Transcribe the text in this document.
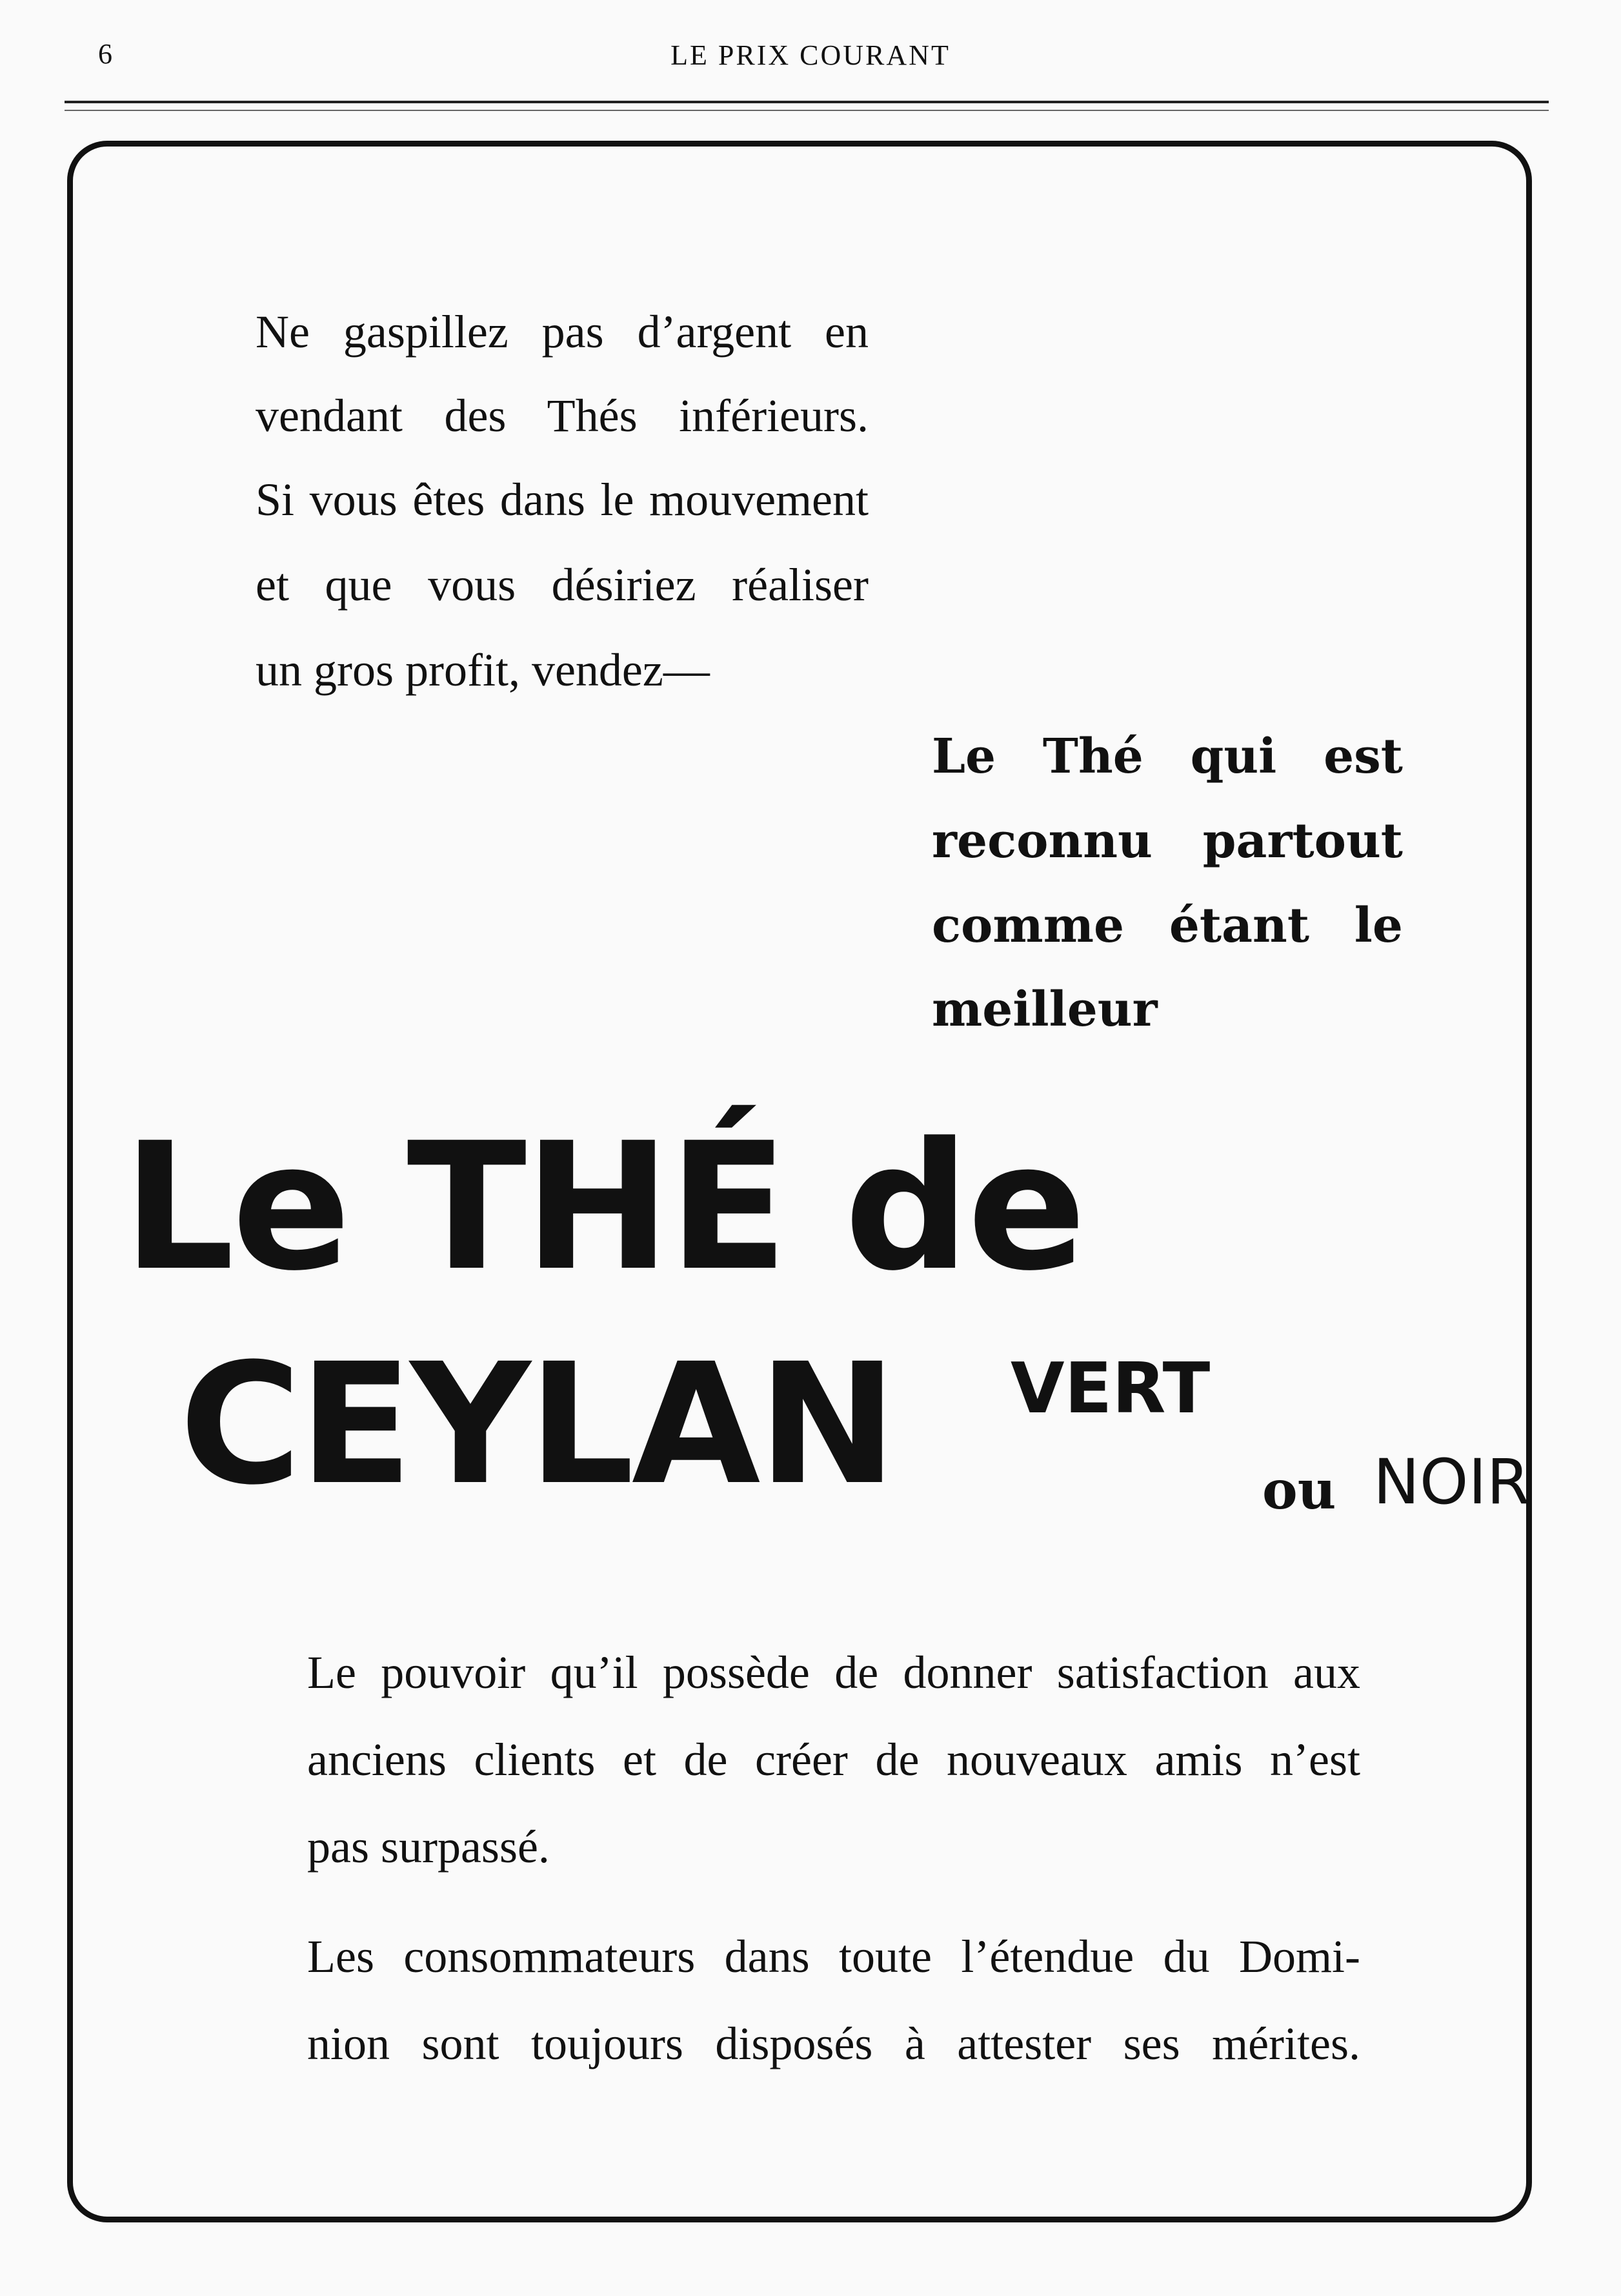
6	LE PRIX COURANT
Ne gaspillez pas d’argent en
vendant des Thés inférieurs.
Si vous êtes dans le mouvement
et que vous désiriez réaliser
un gros profit, vendez—
Le Thé qui est
reconnu partout
comme étant le
meilleur
Le THÉ de
CEYLAN VERT
ou NOIR
Le pouvoir qu’il possède de donner satisfaction aux
anciens clients et de créer de nouveaux amis n’est
pas surpassé.
Les consommateurs dans toute l’étendue du Domi-
nion sont toujours disposés à attester ses mérites.
